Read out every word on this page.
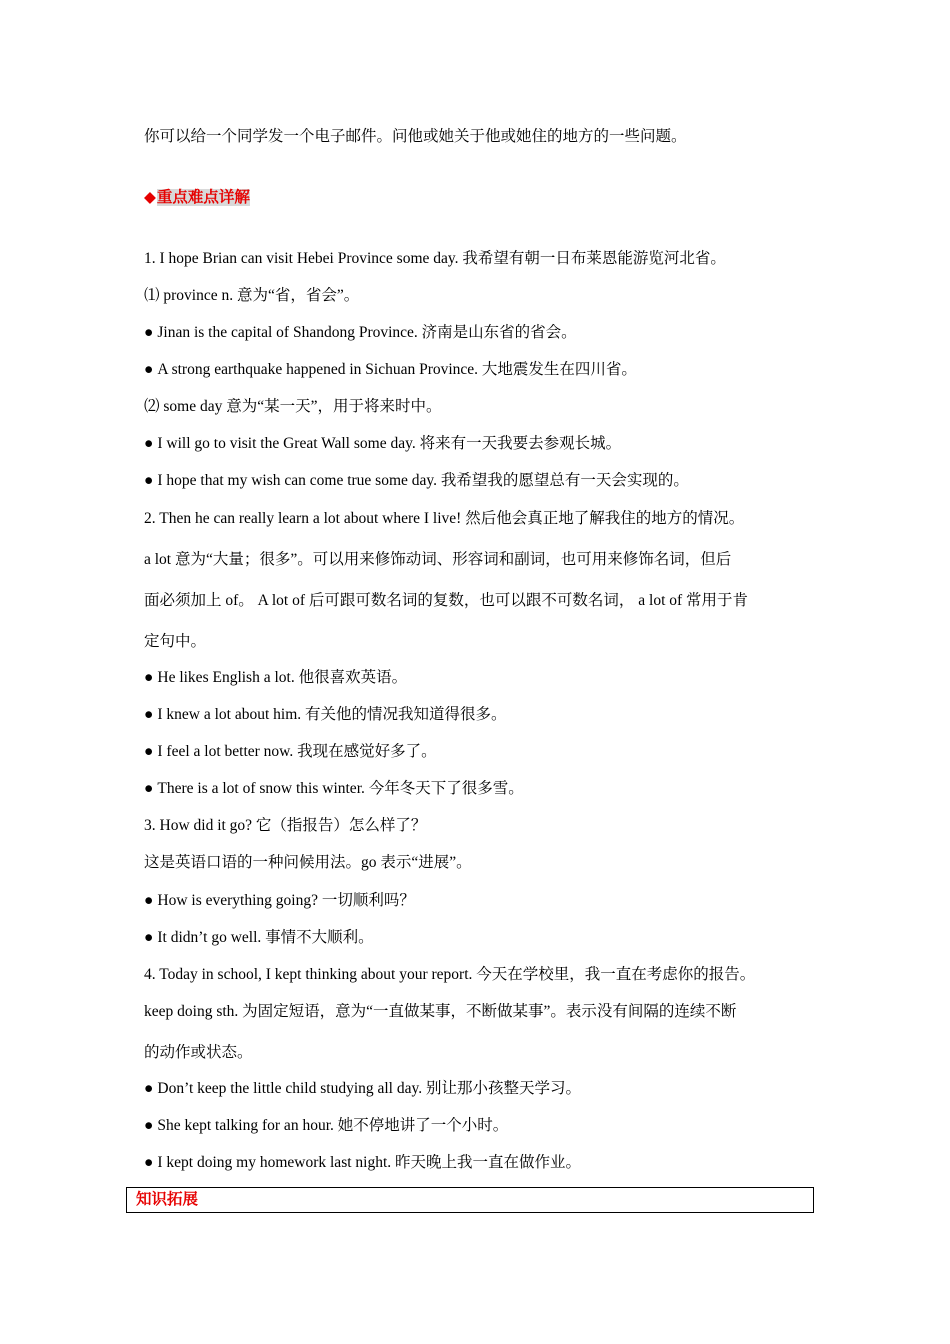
你可以给一个同学发一个电子邮件。问他或她关于他或她住的地方的一些问题。
◆重点难点详解
1. I hope Brian can visit Hebei Province some day. 我希望有朝一日布莱恩能游览河北省。
⑴ province n. 意为“省，省会”。
● Jinan is the capital of Shandong Province. 济南是山东省的省会。
● A strong earthquake happened in Sichuan Province. 大地震发生在四川省。
⑵ some day 意为“某一天”，用于将来时中。
● I will go to visit the Great Wall some day. 将来有一天我要去参观长城。
● I hope that my wish can come true some day. 我希望我的愿望总有一天会实现的。
2. Then he can really learn a lot about where I live! 然后他会真正地了解我住的地方的情况。
a lot 意为“大量；很多”。可以用来修饰动词、形容词和副词，也可用来修饰名词，但后
面必须加上 of。 A lot of 后可跟可数名词的复数，也可以跟不可数名词， a lot of 常用于肯
定句中。
● He likes English a lot. 他很喜欢英语。
● I knew a lot about him. 有关他的情况我知道得很多。
● I feel a lot better now. 我现在感觉好多了。
● There is a lot of snow this winter. 今年冬天下了很多雪。
3. How did it go? 它（指报告）怎么样了？
这是英语口语的一种问候用法。go 表示“进展”。
● How is everything going? 一切顺利吗？
● It didn’t go well. 事情不大顺利。
4. Today in school, I kept thinking about your report. 今天在学校里，我一直在考虑你的报告。
keep doing sth. 为固定短语，意为“一直做某事，不断做某事”。表示没有间隔的连续不断
的动作或状态。
● Don’t keep the little child studying all day. 别让那小孩整天学习。
● She kept talking for an hour. 她不停地讲了一个小时。
● I kept doing my homework last night. 昨天晚上我一直在做作业。
知识拓展
